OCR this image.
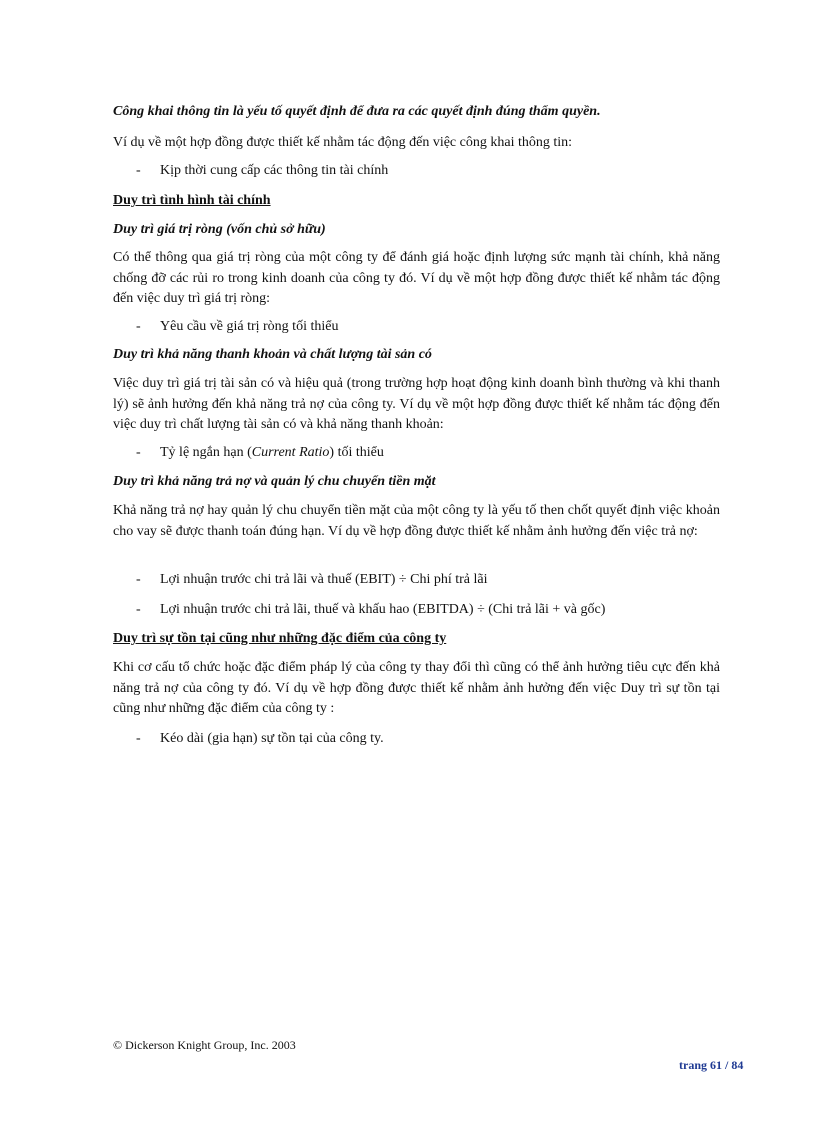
Công khai thông tin là yếu tố quyết định để đưa ra các quyết định đúng thẩm quyền.

Ví dụ về một hợp đồng được thiết kế nhằm tác động đến việc công khai thông tin:

- Kịp thời cung cấp các thông tin tài chính

Duy trì tình hình tài chính

Duy trì giá trị ròng (vốn chủ sở hữu)

Có thể thông qua giá trị ròng của một công ty để đánh giá hoặc định lượng sức mạnh tài chính, khả năng chống đỡ các rủi ro trong kinh doanh của công ty đó. Ví dụ về một hợp đồng được thiết kế nhằm tác động đến việc duy trì giá trị ròng:

- Yêu cầu về giá trị ròng tối thiểu

Duy trì khả năng thanh khoản và chất lượng tài sản có

Việc duy trì giá trị tài sản có và hiệu quả (trong trường hợp hoạt động kinh doanh bình thường và khi thanh lý) sẽ ảnh hưởng đến khả năng trả nợ của công ty. Ví dụ về một hợp đồng được thiết kế nhằm tác động đến việc duy trì chất lượng tài sản có và khả năng thanh khoản:

- Tỷ lệ ngắn hạn (Current Ratio) tối thiểu

Duy trì khả năng trả nợ và quản lý chu chuyển tiền mặt

Khả năng trả nợ hay quản lý chu chuyển tiền mặt của một công ty là yếu tố then chốt quyết định việc khoản cho vay sẽ được thanh toán đúng hạn. Ví dụ về hợp đồng được thiết kế nhằm ảnh hưởng đến việc trả nợ:

- Lợi nhuận trước chi trả lãi và thuế (EBIT) ÷ Chi phí trả lãi
- Lợi nhuận trước chi trả lãi, thuế và khấu hao (EBITDA) ÷ (Chi trả lãi + và gốc)

Duy trì sự tồn tại cũng như những đặc điểm của công ty

Khi cơ cấu tổ chức hoặc đặc điểm pháp lý của công ty thay đổi thì cũng có thể ảnh hưởng tiêu cực đến khả năng trả nợ của công ty đó. Ví dụ về hợp đồng được thiết kế nhằm ảnh hưởng đến việc Duy trì sự tồn tại cũng như những đặc điểm của công ty :

- Kéo dài (gia hạn) sự tồn tại của công ty.
© Dickerson Knight Group, Inc. 2003
trang 61 / 84
